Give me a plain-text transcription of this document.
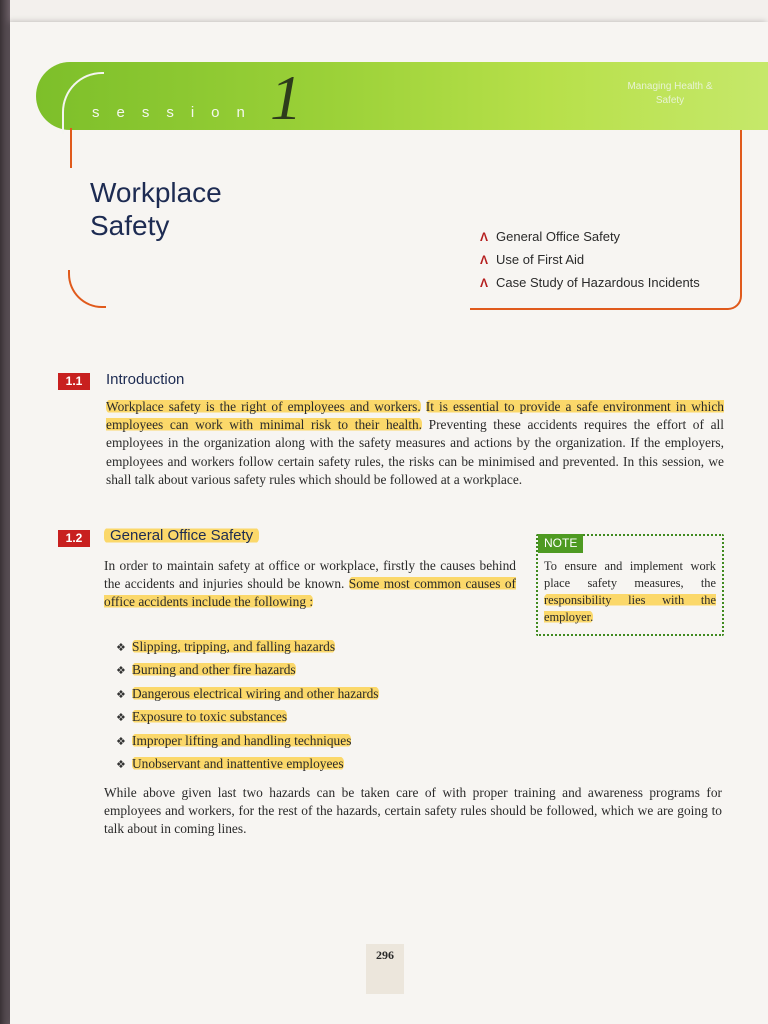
session 1	Managing Health & Safety
Workplace
Safety	Λ General Office Safety
Λ Use of First Aid
Λ Case Study of Hazardous Incidents
1.1	Introduction
Workplace safety is the right of employees and workers. It is essential to provide a safe environment in which employees can work with minimal risk to their health. Preventing these accidents requires the effort of all employees in the organization along with the safety measures and actions by the organization. If the employers, employees and workers follow certain safety rules, the risks can be minimised and prevented. In this session, we shall talk about various safety rules which should be followed at a workplace.
1.2	General Office Safety
In order to maintain safety at office or workplace, firstly the causes behind the accidents and injuries should be known. Some most common causes of office accidents include the following :
❖ Slipping, tripping, and falling hazards
❖ Burning and other fire hazards
❖ Dangerous electrical wiring and other hazards
❖ Exposure to toxic substances
❖ Improper lifting and handling techniques
❖ Unobservant and inattentive employees
While above given last two hazards can be taken care of with proper training and awareness programs for employees and workers, for the rest of the hazards, certain safety rules should be followed, which we are going to talk about in coming lines.
NOTE
To ensure and implement work place safety measures, the responsibility lies with the employer.
296
